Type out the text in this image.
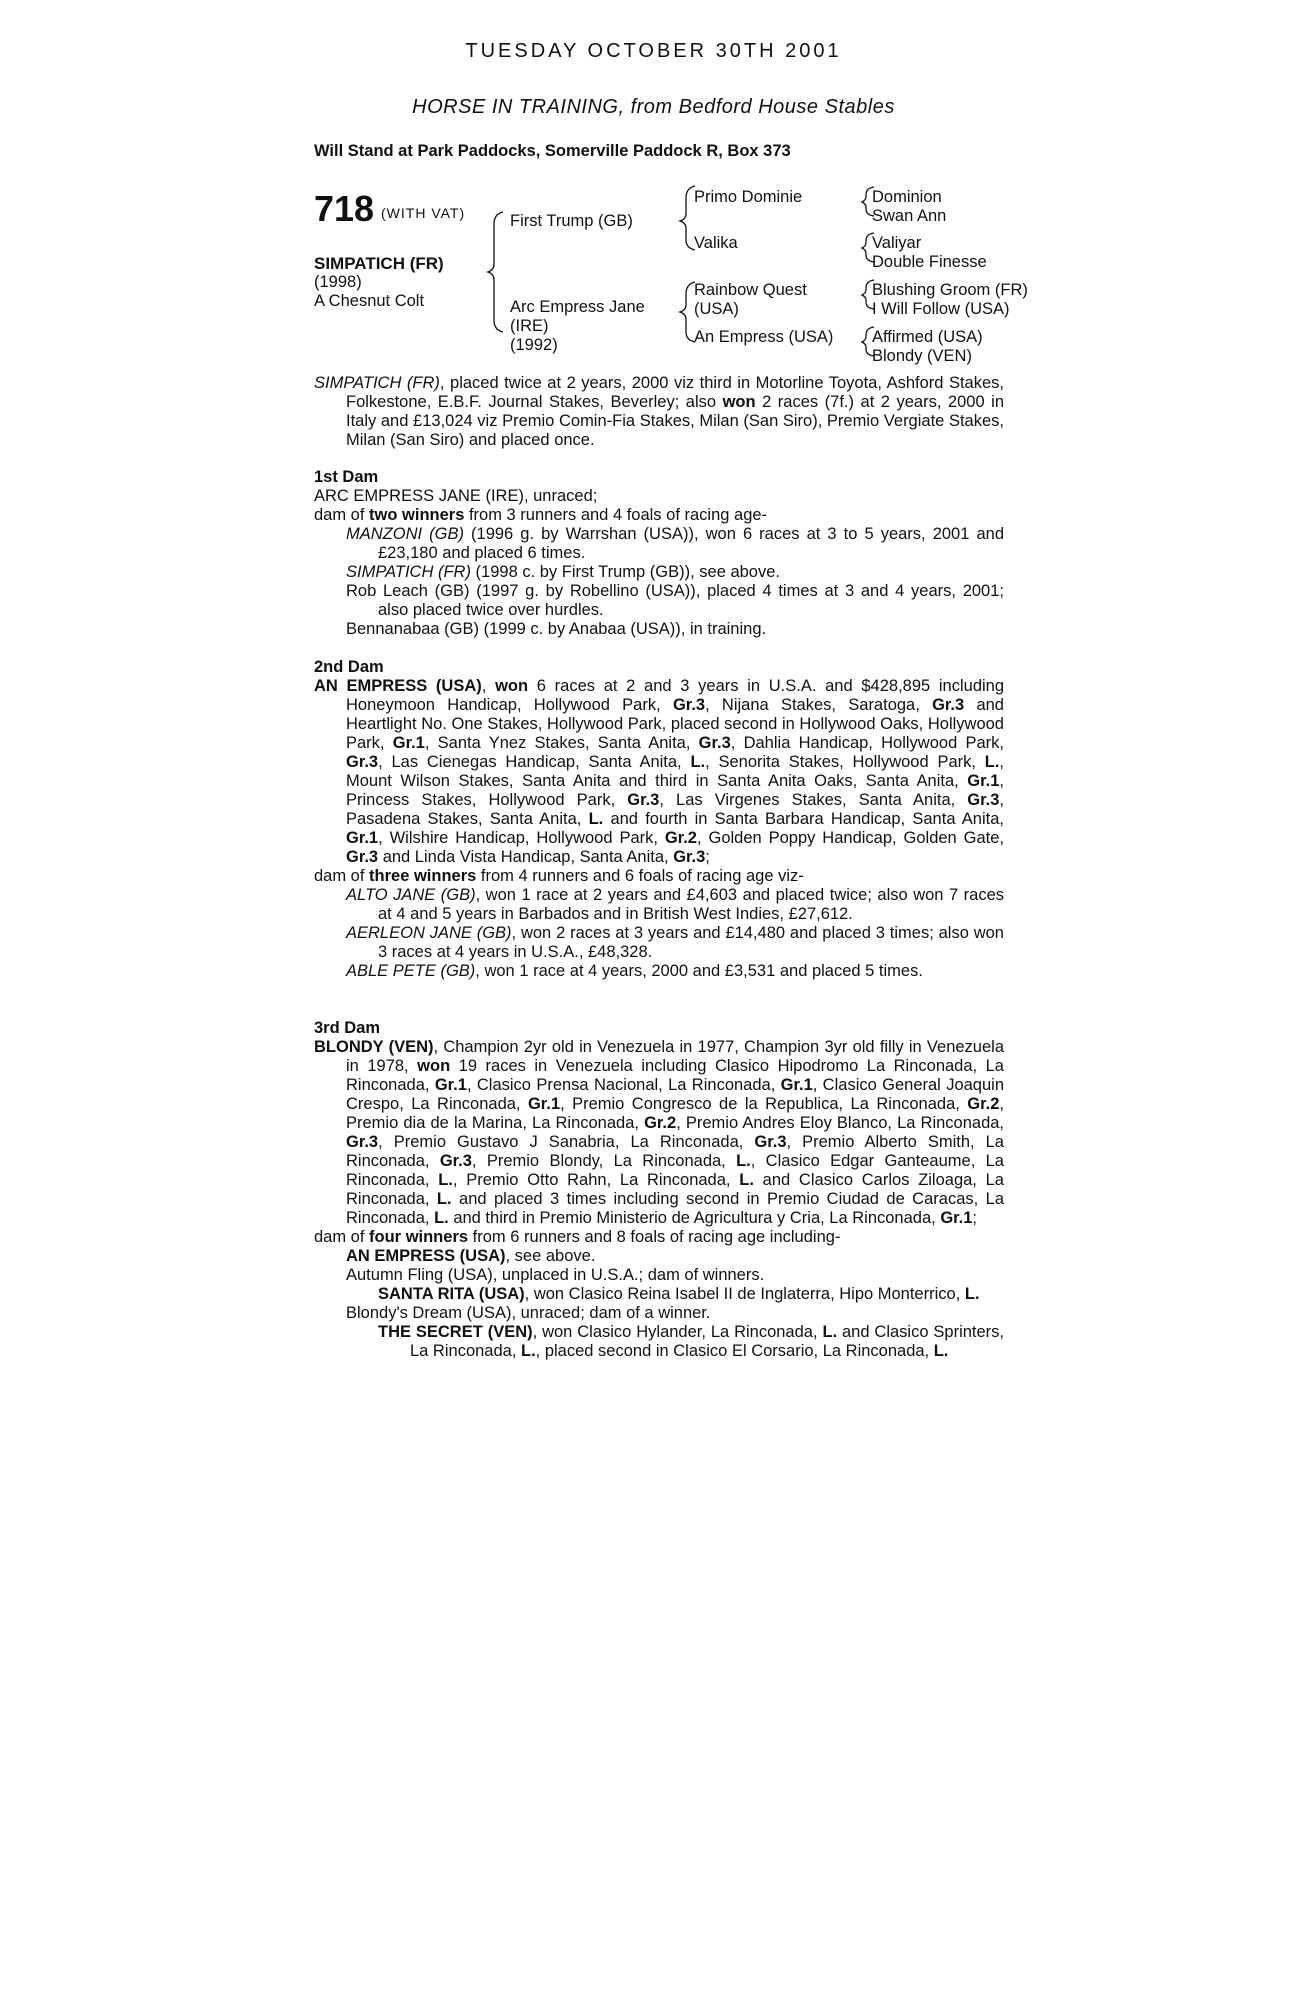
TUESDAY OCTOBER 30TH 2001
HORSE IN TRAINING, from Bedford House Stables
Will Stand at Park Paddocks, Somerville Paddock R, Box 373
718 (WITH VAT)
SIMPATICH (FR)
(1998)
A Chesnut Colt
First Trump (GB)
Arc Empress Jane
(IRE)
(1992)
Primo Dominie
Valika
Rainbow Quest
(USA)
An Empress (USA)
Dominion
Swan Ann
Valiyar
Double Finesse
Blushing Groom (FR)
I Will Follow (USA)
Affirmed (USA)
Blondy (VEN)

SIMPATICH (FR), placed twice at 2 years, 2000 viz third in Motorline Toyota, Ashford Stakes, Folkestone, E.B.F. Journal Stakes, Beverley; also won 2 races (7f.) at 2 years, 2000 in Italy and £13,024 viz Premio Comin-Fia Stakes, Milan (San Siro), Premio Vergiate Stakes, Milan (San Siro) and placed once.

1st Dam

ARC EMPRESS JANE (IRE), unraced;

dam of two winners from 3 runners and 4 foals of racing age-

MANZONI (GB) (1996 g. by Warrshan (USA)), won 6 races at 3 to 5 years, 2001 and £23,180 and placed 6 times.

SIMPATICH (FR) (1998 c. by First Trump (GB)), see above.

Rob Leach (GB) (1997 g. by Robellino (USA)), placed 4 times at 3 and 4 years, 2001; also placed twice over hurdles.

Bennanabaa (GB) (1999 c. by Anabaa (USA)), in training.

2nd Dam

AN EMPRESS (USA), won 6 races at 2 and 3 years in U.S.A. and $428,895 including Honeymoon Handicap, Hollywood Park, Gr.3, Nijana Stakes, Saratoga, Gr.3 and Heartlight No. One Stakes, Hollywood Park, placed second in Hollywood Oaks, Hollywood Park, Gr.1, Santa Ynez Stakes, Santa Anita, Gr.3, Dahlia Handicap, Hollywood Park, Gr.3, Las Cienegas Handicap, Santa Anita, L., Senorita Stakes, Hollywood Park, L., Mount Wilson Stakes, Santa Anita and third in Santa Anita Oaks, Santa Anita, Gr.1, Princess Stakes, Hollywood Park, Gr.3, Las Virgenes Stakes, Santa Anita, Gr.3, Pasadena Stakes, Santa Anita, L. and fourth in Santa Barbara Handicap, Santa Anita, Gr.1, Wilshire Handicap, Hollywood Park, Gr.2, Golden Poppy Handicap, Golden Gate, Gr.3 and Linda Vista Handicap, Santa Anita, Gr.3;

dam of three winners from 4 runners and 6 foals of racing age viz-

ALTO JANE (GB), won 1 race at 2 years and £4,603 and placed twice; also won 7 races at 4 and 5 years in Barbados and in British West Indies, £27,612.

AERLEON JANE (GB), won 2 races at 3 years and £14,480 and placed 3 times; also won 3 races at 4 years in U.S.A., £48,328.

ABLE PETE (GB), won 1 race at 4 years, 2000 and £3,531 and placed 5 times.

3rd Dam

BLONDY (VEN), Champion 2yr old in Venezuela in 1977, Champion 3yr old filly in Venezuela in 1978, won 19 races in Venezuela including Clasico Hipodromo La Rinconada, La Rinconada, Gr.1, Clasico Prensa Nacional, La Rinconada, Gr.1, Clasico General Joaquin Crespo, La Rinconada, Gr.1, Premio Congresco de la Republica, La Rinconada, Gr.2, Premio dia de la Marina, La Rinconada, Gr.2, Premio Andres Eloy Blanco, La Rinconada, Gr.3, Premio Gustavo J Sanabria, La Rinconada, Gr.3, Premio Alberto Smith, La Rinconada, Gr.3, Premio Blondy, La Rinconada, L., Clasico Edgar Ganteaume, La Rinconada, L., Premio Otto Rahn, La Rinconada, L. and Clasico Carlos Ziloaga, La Rinconada, L. and placed 3 times including second in Premio Ciudad de Caracas, La Rinconada, L. and third in Premio Ministerio de Agricultura y Cria, La Rinconada, Gr.1;

dam of four winners from 6 runners and 8 foals of racing age including-

AN EMPRESS (USA), see above.

Autumn Fling (USA), unplaced in U.S.A.; dam of winners.

SANTA RITA (USA), won Clasico Reina Isabel II de Inglaterra, Hipo Monterrico, L.

Blondy's Dream (USA), unraced; dam of a winner.

THE SECRET (VEN), won Clasico Hylander, La Rinconada, L. and Clasico Sprinters, La Rinconada, L., placed second in Clasico El Corsario, La Rinconada, L.
